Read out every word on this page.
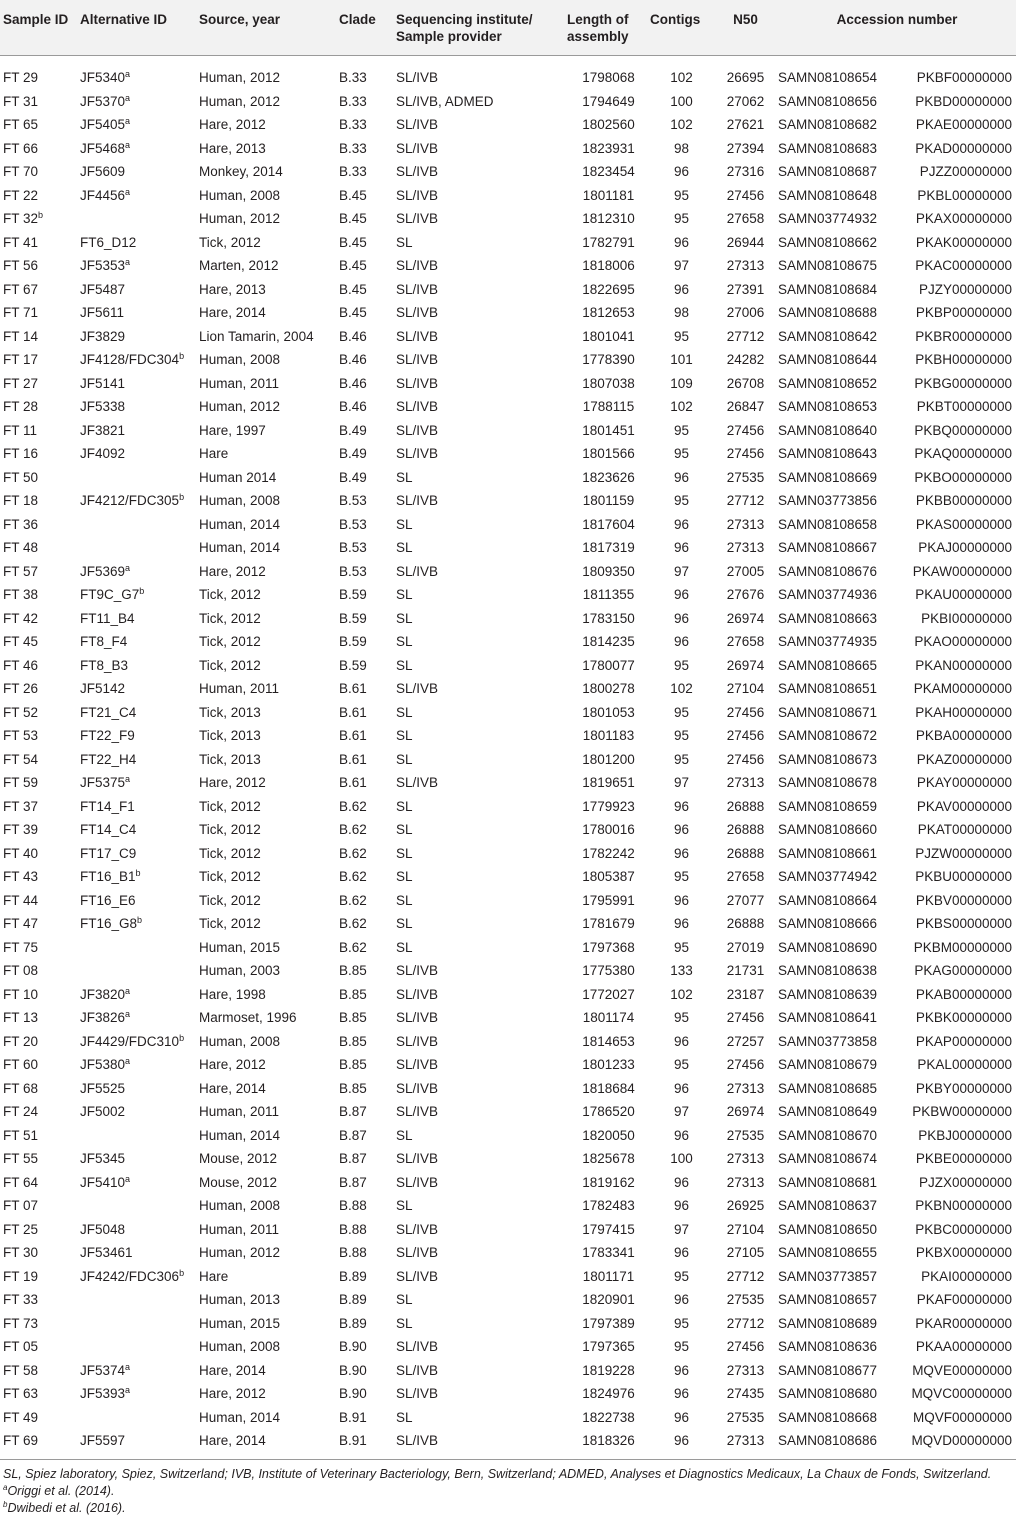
Sample ID	Alternative ID	Source, year	Clade	Sequencing institute/ Sample provider	Length of assembly	Contigs	N50	Accession number	
FT 29	JF5340$^a$	Human, 2012	B.33	SL/IVB	1798068	102	26695	SAMN08108654	PKBF00000000
FT 31	JF5370$^a$	Human, 2012	B.33	SL/IVB, ADMED	1794649	100	27062	SAMN08108656	PKBD00000000
FT 65	JF5405$^a$	Hare, 2012	B.33	SL/IVB	1802560	102	27621	SAMN08108682	PKAE00000000
FT 66	JF5468$^a$	Hare, 2013	B.33	SL/IVB	1823931	98	27394	SAMN08108683	PKAD00000000
FT 70	JF5609	Monkey, 2014	B.33	SL/IVB	1823454	96	27316	SAMN08108687	PJZZ00000000
FT 22	JF4456$^a$	Human, 2008	B.45	SL/IVB	1801181	95	27456	SAMN08108648	PKBL00000000
FT 32$^b$		Human, 2012	B.45	SL/IVB	1812310	95	27658	SAMN03774932	PKAX00000000
FT 41	FT6_D12	Tick, 2012	B.45	SL	1782791	96	26944	SAMN08108662	PKAK00000000
FT 56	JF5353$^a$	Marten, 2012	B.45	SL/IVB	1818006	97	27313	SAMN08108675	PKAC00000000
FT 67	JF5487	Hare, 2013	B.45	SL/IVB	1822695	96	27391	SAMN08108684	PJZY00000000
FT 71	JF5611	Hare, 2014	B.45	SL/IVB	1812653	98	27006	SAMN08108688	PKBP00000000
FT 14	JF3829	Lion Tamarin, 2004	B.46	SL/IVB	1801041	95	27712	SAMN08108642	PKBR00000000
FT 17	JF4128/FDC304$^b$	Human, 2008	B.46	SL/IVB	1778390	101	24282	SAMN08108644	PKBH00000000
FT 27	JF5141	Human, 2011	B.46	SL/IVB	1807038	109	26708	SAMN08108652	PKBG00000000
FT 28	JF5338	Human, 2012	B.46	SL/IVB	1788115	102	26847	SAMN08108653	PKBT00000000
FT 11	JF3821	Hare, 1997	B.49	SL/IVB	1801451	95	27456	SAMN08108640	PKBQ00000000
FT 16	JF4092	Hare	B.49	SL/IVB	1801566	95	27456	SAMN08108643	PKAQ00000000
FT 50		Human 2014	B.49	SL	1823626	96	27535	SAMN08108669	PKBO00000000
FT 18	JF4212/FDC305$^b$	Human, 2008	B.53	SL/IVB	1801159	95	27712	SAMN03773856	PKBB00000000
FT 36		Human, 2014	B.53	SL	1817604	96	27313	SAMN08108658	PKAS00000000
FT 48		Human, 2014	B.53	SL	1817319	96	27313	SAMN08108667	PKAJ00000000
FT 57	JF5369$^a$	Hare, 2012	B.53	SL/IVB	1809350	97	27005	SAMN08108676	PKAW00000000
FT 38	FT9C_G7$^b$	Tick, 2012	B.59	SL	1811355	96	27676	SAMN03774936	PKAU00000000
FT 42	FT11_B4	Tick, 2012	B.59	SL	1783150	96	26974	SAMN08108663	PKBI00000000
FT 45	FT8_F4	Tick, 2012	B.59	SL	1814235	96	27658	SAMN03774935	PKAO00000000
FT 46	FT8_B3	Tick, 2012	B.59	SL	1780077	95	26974	SAMN08108665	PKAN00000000
FT 26	JF5142	Human, 2011	B.61	SL/IVB	1800278	102	27104	SAMN08108651	PKAM00000000
FT 52	FT21_C4	Tick, 2013	B.61	SL	1801053	95	27456	SAMN08108671	PKAH00000000
FT 53	FT22_F9	Tick, 2013	B.61	SL	1801183	95	27456	SAMN08108672	PKBA00000000
FT 54	FT22_H4	Tick, 2013	B.61	SL	1801200	95	27456	SAMN08108673	PKAZ00000000
FT 59	JF5375$^a$	Hare, 2012	B.61	SL/IVB	1819651	97	27313	SAMN08108678	PKAY00000000
FT 37	FT14_F1	Tick, 2012	B.62	SL	1779923	96	26888	SAMN08108659	PKAV00000000
FT 39	FT14_C4	Tick, 2012	B.62	SL	1780016	96	26888	SAMN08108660	PKAT00000000
FT 40	FT17_C9	Tick, 2012	B.62	SL	1782242	96	26888	SAMN08108661	PJZW00000000
FT 43	FT16_B1$^b$	Tick, 2012	B.62	SL	1805387	95	27658	SAMN03774942	PKBU00000000
FT 44	FT16_E6	Tick, 2012	B.62	SL	1795991	96	27077	SAMN08108664	PKBV00000000
FT 47	FT16_G8$^b$	Tick, 2012	B.62	SL	1781679	96	26888	SAMN08108666	PKBS00000000
FT 75		Human, 2015	B.62	SL	1797368	95	27019	SAMN08108690	PKBM00000000
FT 08		Human, 2003	B.85	SL/IVB	1775380	133	21731	SAMN08108638	PKAG00000000
FT 10	JF3820$^a$	Hare, 1998	B.85	SL/IVB	1772027	102	23187	SAMN08108639	PKAB00000000
FT 13	JF3826$^a$	Marmoset, 1996	B.85	SL/IVB	1801174	95	27456	SAMN08108641	PKBK00000000
FT 20	JF4429/FDC310$^b$	Human, 2008	B.85	SL/IVB	1814653	96	27257	SAMN03773858	PKAP00000000
FT 60	JF5380$^a$	Hare, 2012	B.85	SL/IVB	1801233	95	27456	SAMN08108679	PKAL00000000
FT 68	JF5525	Hare, 2014	B.85	SL/IVB	1818684	96	27313	SAMN08108685	PKBY00000000
FT 24	JF5002	Human, 2011	B.87	SL/IVB	1786520	97	26974	SAMN08108649	PKBW00000000
FT 51		Human, 2014	B.87	SL	1820050	96	27535	SAMN08108670	PKBJ00000000
FT 55	JF5345	Mouse, 2012	B.87	SL/IVB	1825678	100	27313	SAMN08108674	PKBE00000000
FT 64	JF5410$^a$	Mouse, 2012	B.87	SL/IVB	1819162	96	27313	SAMN08108681	PJZX00000000
FT 07		Human, 2008	B.88	SL	1782483	96	26925	SAMN08108637	PKBN00000000
FT 25	JF5048	Human, 2011	B.88	SL/IVB	1797415	97	27104	SAMN08108650	PKBC00000000
FT 30	JF53461	Human, 2012	B.88	SL/IVB	1783341	96	27105	SAMN08108655	PKBX00000000
FT 19	JF4242/FDC306$^b$	Hare	B.89	SL/IVB	1801171	95	27712	SAMN03773857	PKAI00000000
FT 33		Human, 2013	B.89	SL	1820901	96	27535	SAMN08108657	PKAF00000000
FT 73		Human, 2015	B.89	SL	1797389	95	27712	SAMN08108689	PKAR00000000
FT 05		Human, 2008	B.90	SL/IVB	1797365	95	27456	SAMN08108636	PKAA00000000
FT 58	JF5374$^a$	Hare, 2014	B.90	SL/IVB	1819228	96	27313	SAMN08108677	MQVE00000000
FT 63	JF5393$^a$	Hare, 2012	B.90	SL/IVB	1824976	96	27435	SAMN08108680	MQVC00000000
FT 49		Human, 2014	B.91	SL	1822738	96	27535	SAMN08108668	MQVF00000000
FT 69	JF5597	Hare, 2014	B.91	SL/IVB	1818326	96	27313	SAMN08108686	MQVD00000000
SL, Spiez laboratory, Spiez, Switzerland; IVB, Institute of Veterinary Bacteriology, Bern, Switzerland; ADMED, Analyses et Diagnostics Medicaux, La Chaux de Fonds, Switzerland.
$^a$Origgi et al. (2014).
$^b$Dwibedi et al. (2016).
